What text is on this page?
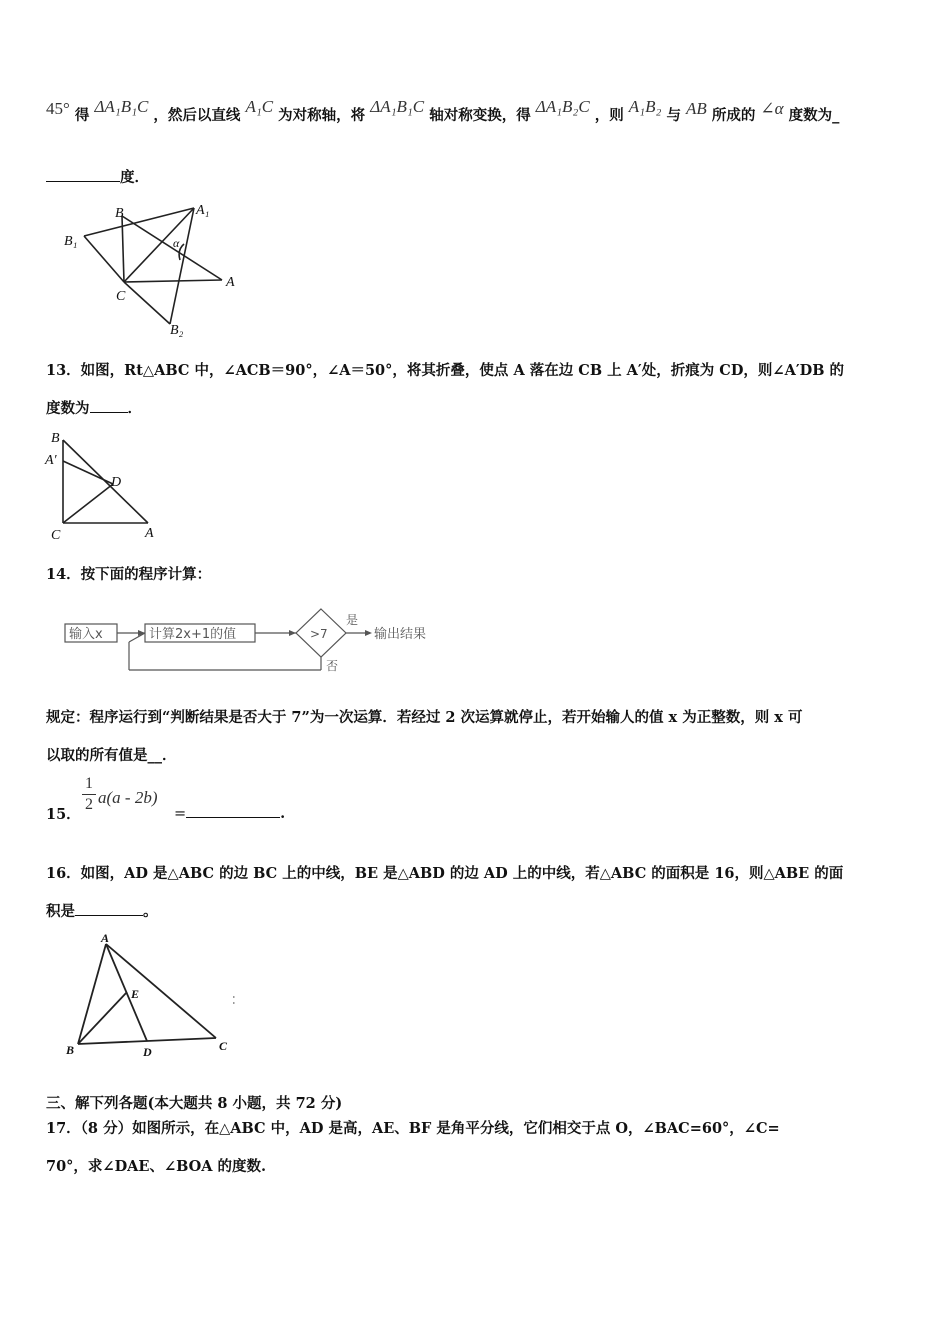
45° 得 ΔA₁B₁C ，然后以直线 A₁C 为对称轴，将 ΔA₁B₁C 轴对称变换，得 ΔA₁B₂C ，则 A₁B₂ 与 AB 所成的 ∠α 度数为_
度．
B	A₁
B₁	α
C
A
B₂
13．如图，Rt△ABC 中，∠ACB＝90°，∠A＝50°，将其折叠，使点 A 落在边 CB 上 A′处，折痕为 CD，则∠A′DB 的
度数为	．
B
A′
D
C	A
14．按下面的程序计算：
输入x	计算2x+1的值	>7
是
否
输出结果
规定：程序运行到“判断结果是否大于 7”为一次运算．若经过 2 次运算就停止，若开始输人的值 x 为正整数，则 x 可
以取的所有值是__．
15．
1
2 a(a - 2b)
=	.
16．如图，AD 是△ABC 的边 BC 上的中线，BE 是△ABD 的边 AD 上的中线，若△ABC 的面积是 16，则△ABE 的面
积是	。
A
E
B	D	C
三、解下列各题(本大题共 8 小题，共 72 分)
17．（8 分）如图所示，在△ABC 中，AD 是高，AE、BF 是角平分线，它们相交于点 O，∠BAC=60°，∠C=
70°，求∠DAE、∠BOA 的度数.
